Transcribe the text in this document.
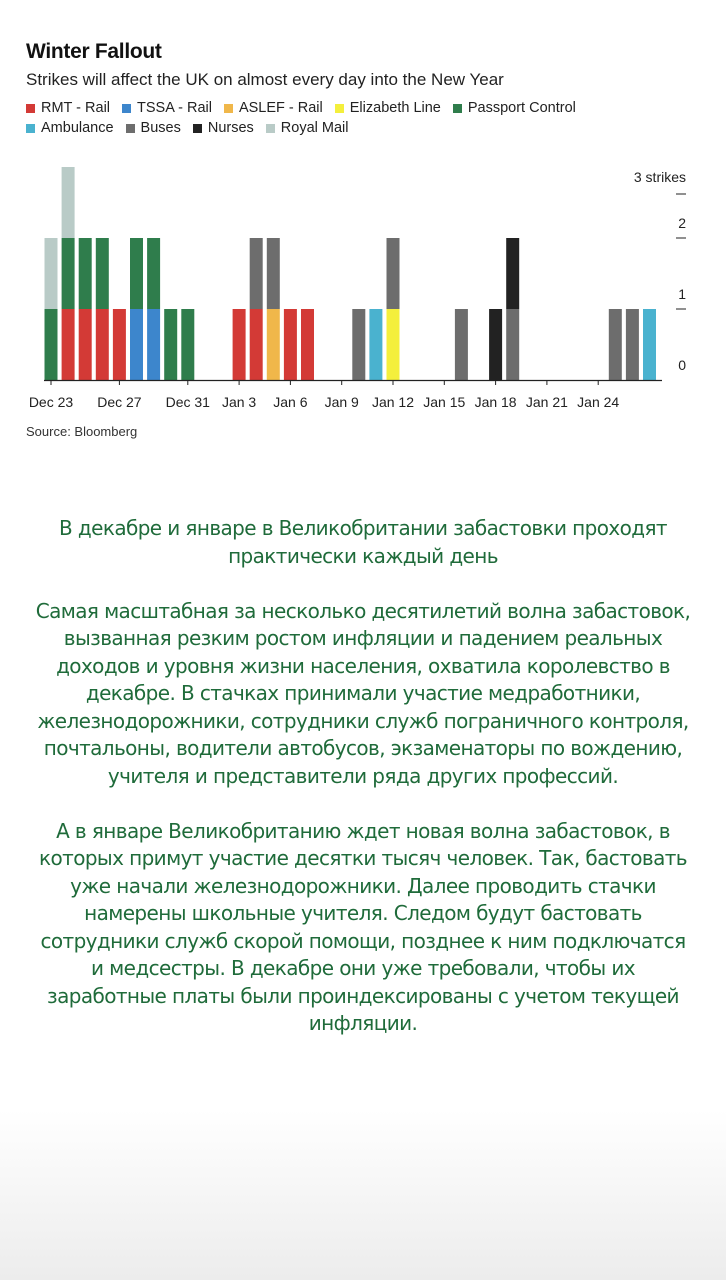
Winter Fallout

Strikes will affect the UK on almost every day into the New Year

RMT - Rail TSSA - Rail ASLEF - Rail Elizabeth Line Passport Control
Ambulance Buses Nurses Royal Mail
Dec 23 Dec 27 Dec 31 Jan 3 Jan 6 Jan 9 Jan 12 Jan 15 Jan 18 Jan 21 Jan 24
3 strikes
0
1
2

Source: Bloomberg

В декабре и январе в Великобритании забастовки проходят практически каждый день

Самая масштабная за несколько десятилетий волна забастовок, вызванная резким ростом инфляции и падением реальных доходов и уровня жизни населения, охватила королевство в декабре. В стачках принимали участие медработники, железнодорожники, сотрудники служб пограничного контроля, почтальоны, водители автобусов, экзаменаторы по вождению, учителя и представители ряда других профессий.

А в январе Великобританию ждет новая волна забастовок, в которых примут участие десятки тысяч человек. Так, бастовать уже начали железнодорожники. Далее проводить стачки намерены школьные учителя. Следом будут бастовать сотрудники служб скорой помощи, позднее к ним подключатся и медсестры. В декабре они уже требовали, чтобы их заработные платы были проиндексированы с учетом текущей инфляции.
